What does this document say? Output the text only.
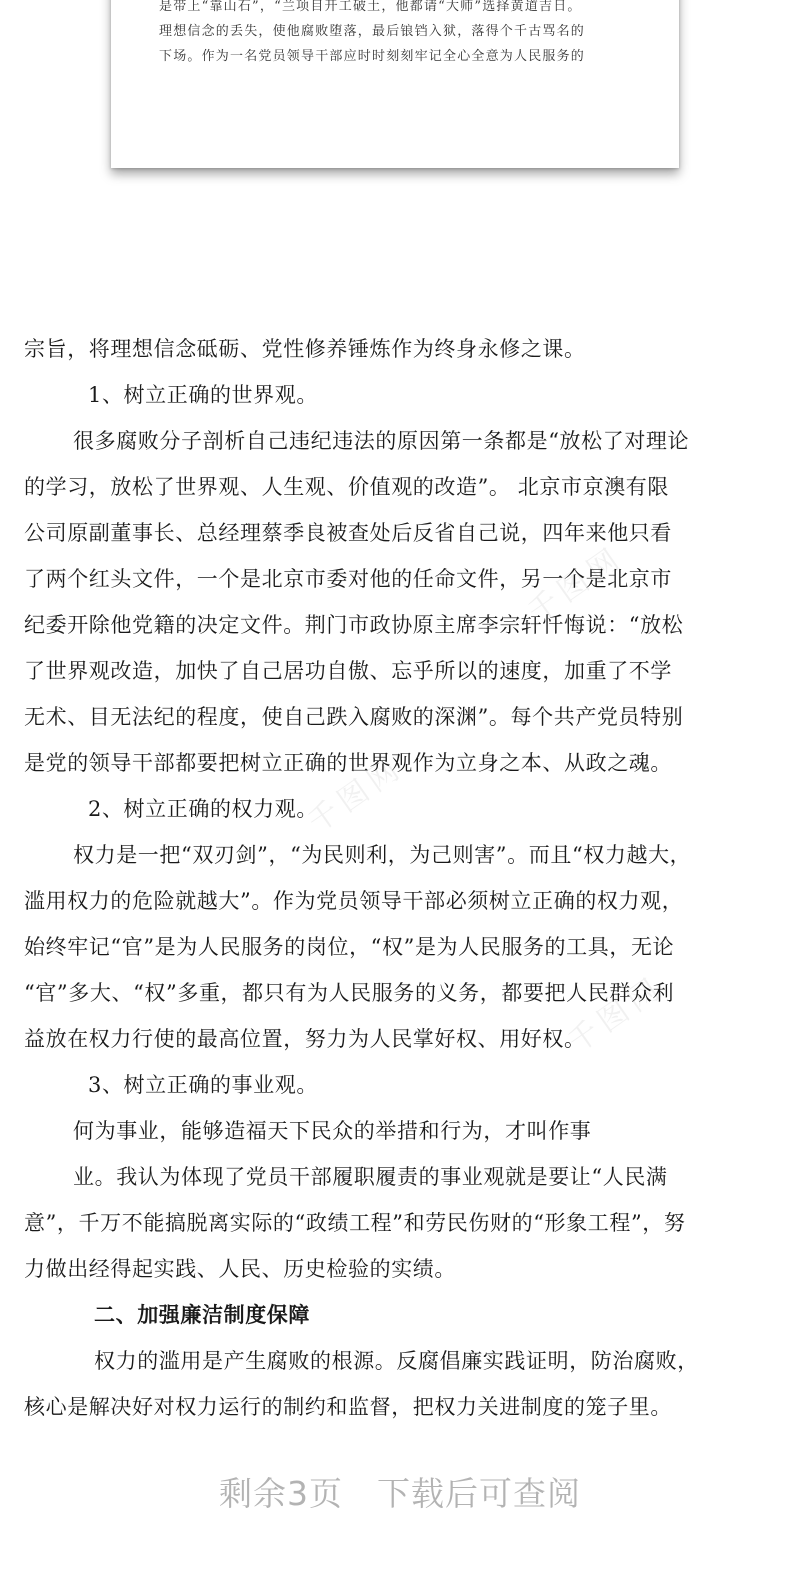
是带上“靠山石”，“兰项目开工破土，他都请“大师”选择黄道吉日。

理想信念的丢失，使他腐败堕落，最后锒铛入狱，落得个千古骂名的

下场。作为一名党员领导干部应时时刻刻牢记全心全意为人民服务的

千图网
千图网
千图网

宗旨，将理想信念砥砺、党性修养锤炼作为终身永修之课。

1、树立正确的世界观。

很多腐败分子剖析自己违纪违法的原因第一条都是“放松了对理论

的学习，放松了世界观、人生观、价值观的改造”。 北京市京澳有限

公司原副董事长、总经理蔡季良被查处后反省自己说，四年来他只看

了两个红头文件，一个是北京市委对他的任命文件，另一个是北京市

纪委开除他党籍的决定文件。荆门市政协原主席李宗轩忏悔说：“放松

了世界观改造，加快了自己居功自傲、忘乎所以的速度，加重了不学

无术、目无法纪的程度，使自己跌入腐败的深渊”。每个共产党员特别

是党的领导干部都要把树立正确的世界观作为立身之本、从政之魂。

2、树立正确的权力观。

权力是一把“双刃剑”，“为民则利，为己则害”。而且“权力越大，

滥用权力的危险就越大”。作为党员领导干部必须树立正确的权力观，

始终牢记“官”是为人民服务的岗位，“权”是为人民服务的工具，无论

“官”多大、“权”多重，都只有为人民服务的义务，都要把人民群众利

益放在权力行使的最高位置，努力为人民掌好权、用好权。

3、树立正确的事业观。

何为事业，能够造福天下民众的举措和行为，才叫作事

业。我认为体现了党员干部履职履责的事业观就是要让“人民满

意”，千万不能搞脱离实际的“政绩工程”和劳民伤财的“形象工程”，努

力做出经得起实践、人民、历史检验的实绩。

二、加强廉洁制度保障

权力的滥用是产生腐败的根源。反腐倡廉实践证明，防治腐败，

核心是解决好对权力运行的制约和监督，把权力关进制度的笼子里。

剩余3页 下载后可查阅
